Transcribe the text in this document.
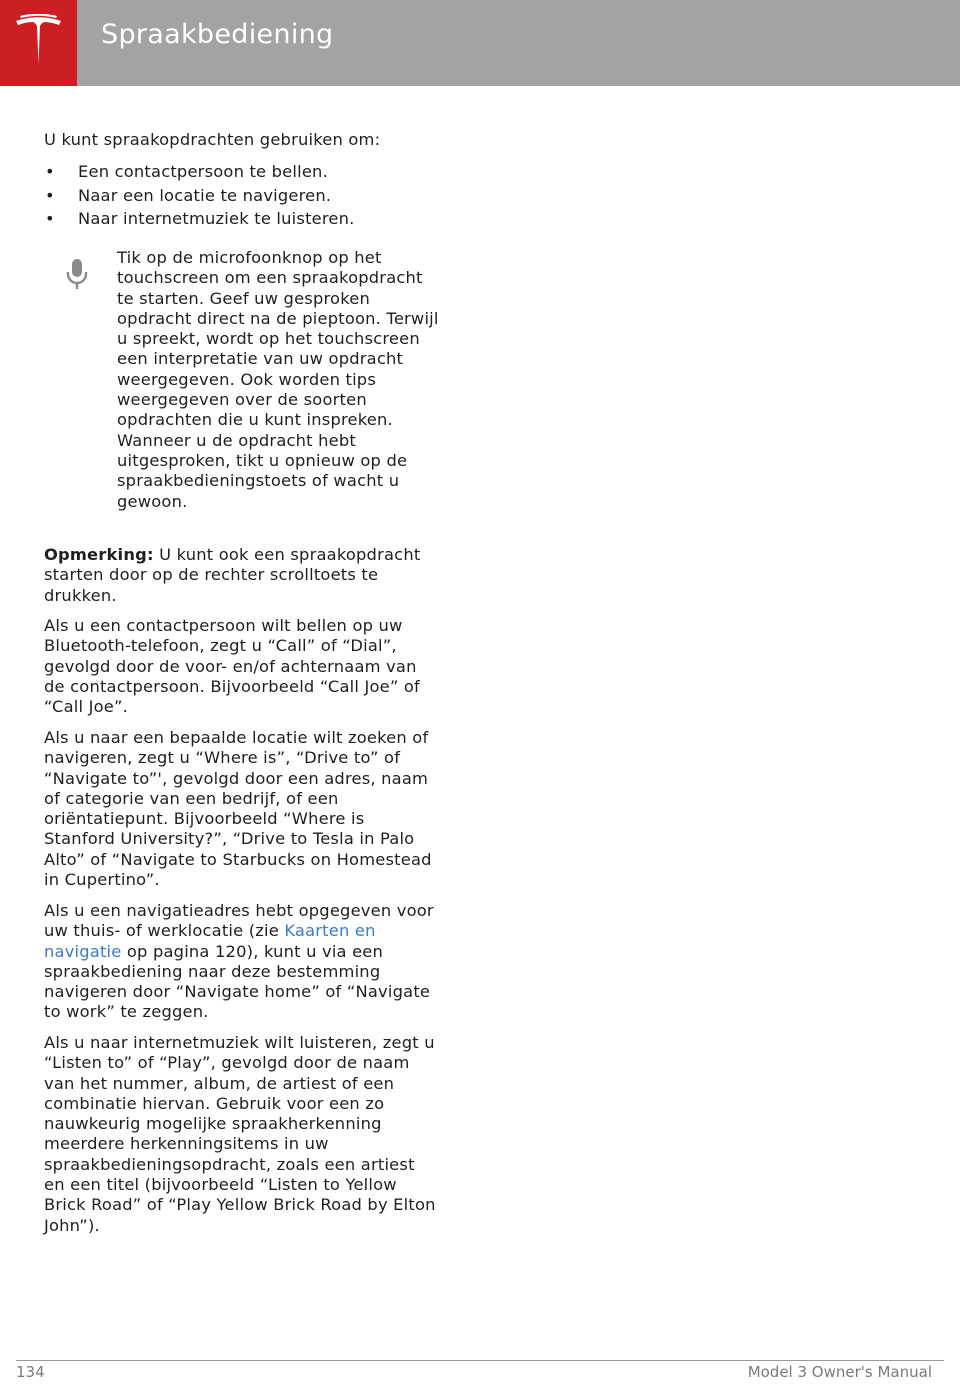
Spraakbediening

U kunt spraakopdrachten gebruiken om:

• Een contactpersoon te bellen.
• Naar een locatie te navigeren.
• Naar internetmuziek te luisteren.

Tik op de microfoonknop op het touchscreen om een spraakopdracht te starten. Geef uw gesproken opdracht direct na de pieptoon. Terwijl u spreekt, wordt op het touchscreen een interpretatie van uw opdracht weergegeven. Ook worden tips weergegeven over de soorten opdrachten die u kunt inspreken. Wanneer u de opdracht hebt uitgesproken, tikt u opnieuw op de spraakbedieningstoets of wacht u gewoon.

Opmerking: U kunt ook een spraakopdracht starten door op de rechter scrolltoets te drukken.

Als u een contactpersoon wilt bellen op uw Bluetooth-telefoon, zegt u “Call” of “Dial”, gevolgd door de voor- en/of achternaam van de contactpersoon. Bijvoorbeeld “Call Joe” of “Call Joe”.

Als u naar een bepaalde locatie wilt zoeken of navigeren, zegt u “Where is”, “Drive to” of “Navigate to”', gevolgd door een adres, naam of categorie van een bedrijf, of een oriëntatiepunt. Bijvoorbeeld “Where is Stanford University?”, “Drive to Tesla in Palo Alto” of “Navigate to Starbucks on Homestead in Cupertino”.

Als u een navigatieadres hebt opgegeven voor uw thuis- of werklocatie (zie Kaarten en navigatie op pagina 120), kunt u via een spraakbediening naar deze bestemming navigeren door “Navigate home” of “Navigate to work” te zeggen.

Als u naar internetmuziek wilt luisteren, zegt u “Listen to” of “Play”, gevolgd door de naam van het nummer, album, de artiest of een combinatie hiervan. Gebruik voor een zo nauwkeurig mogelijke spraakherkenning meerdere herkenningsitems in uw spraakbedieningsopdracht, zoals een artiest en een titel (bijvoorbeeld “Listen to Yellow Brick Road” of “Play Yellow Brick Road by Elton John”).

134	Model 3 Owner's Manual
